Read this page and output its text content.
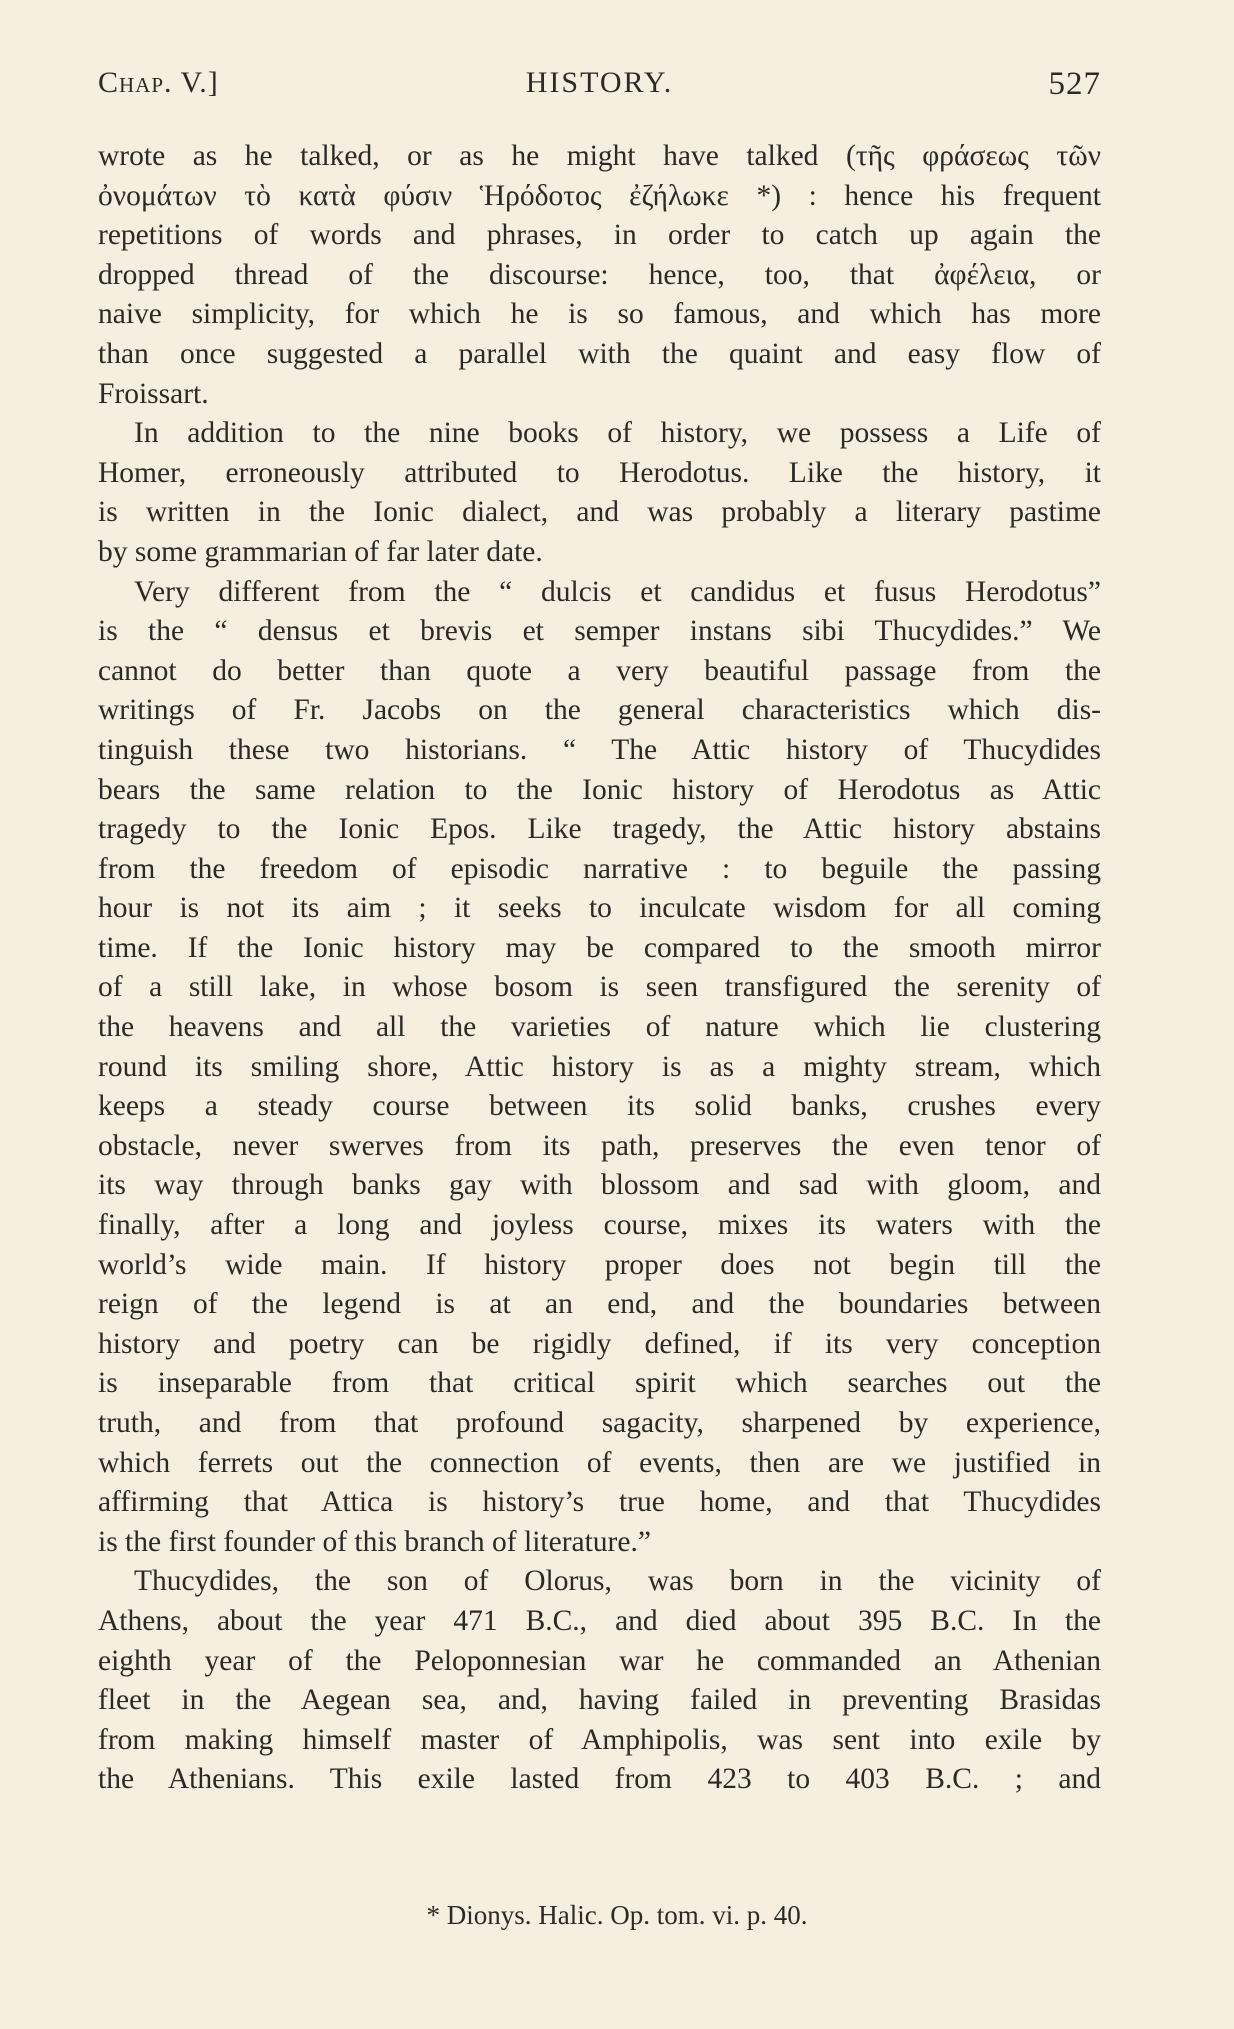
Chap. V.]	HISTORY.	527
wrote as he talked, or as he might have talked (τῆς φράσεως τῶν
ὀνομάτων τὸ κατὰ φύσιν Ἡρόδοτος ἐζήλωκε *) : hence his frequent
repetitions of words and phrases, in order to catch up again the
dropped thread of the discourse: hence, too, that ἀφέλεια, or
naive simplicity, for which he is so famous, and which has more
than once suggested a parallel with the quaint and easy flow of
Froissart.
In addition to the nine books of history, we possess a Life of
Homer, erroneously attributed to Herodotus. Like the history, it
is written in the Ionic dialect, and was probably a literary pastime
by some grammarian of far later date.
Very different from the “ dulcis et candidus et fusus Herodotus”
is the “ densus et brevis et semper instans sibi Thucydides.” We
cannot do better than quote a very beautiful passage from the
writings of Fr. Jacobs on the general characteristics which dis-
tinguish these two historians. “ The Attic history of Thucydides
bears the same relation to the Ionic history of Herodotus as Attic
tragedy to the Ionic Epos. Like tragedy, the Attic history abstains
from the freedom of episodic narrative : to beguile the passing
hour is not its aim ; it seeks to inculcate wisdom for all coming
time. If the Ionic history may be compared to the smooth mirror
of a still lake, in whose bosom is seen transfigured the serenity of
the heavens and all the varieties of nature which lie clustering
round its smiling shore, Attic history is as a mighty stream, which
keeps a steady course between its solid banks, crushes every
obstacle, never swerves from its path, preserves the even tenor of
its way through banks gay with blossom and sad with gloom, and
finally, after a long and joyless course, mixes its waters with the
world’s wide main. If history proper does not begin till the
reign of the legend is at an end, and the boundaries between
history and poetry can be rigidly defined, if its very conception
is inseparable from that critical spirit which searches out the
truth, and from that profound sagacity, sharpened by experience,
which ferrets out the connection of events, then are we justified in
affirming that Attica is history’s true home, and that Thucydides
is the first founder of this branch of literature.”
Thucydides, the son of Olorus, was born in the vicinity of
Athens, about the year 471 B.C., and died about 395 B.C. In the
eighth year of the Peloponnesian war he commanded an Athenian
fleet in the Aegean sea, and, having failed in preventing Brasidas
from making himself master of Amphipolis, was sent into exile by
the Athenians. This exile lasted from 423 to 403 B.C. ; and
* Dionys. Halic. Op. tom. vi. p. 40.
